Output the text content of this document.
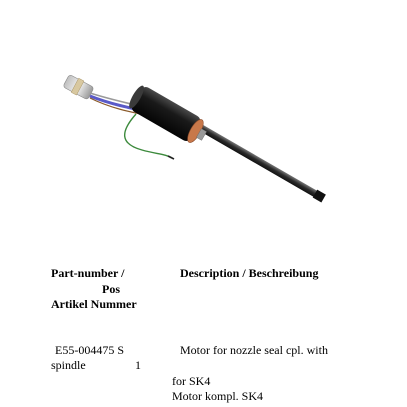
Part-number /
Pos
Artikel Nummer
Description / Beschreibung
E55-004475 S
spindle	1
Motor for nozzle seal cpl. with
for SK4
Motor kompl. SK4
